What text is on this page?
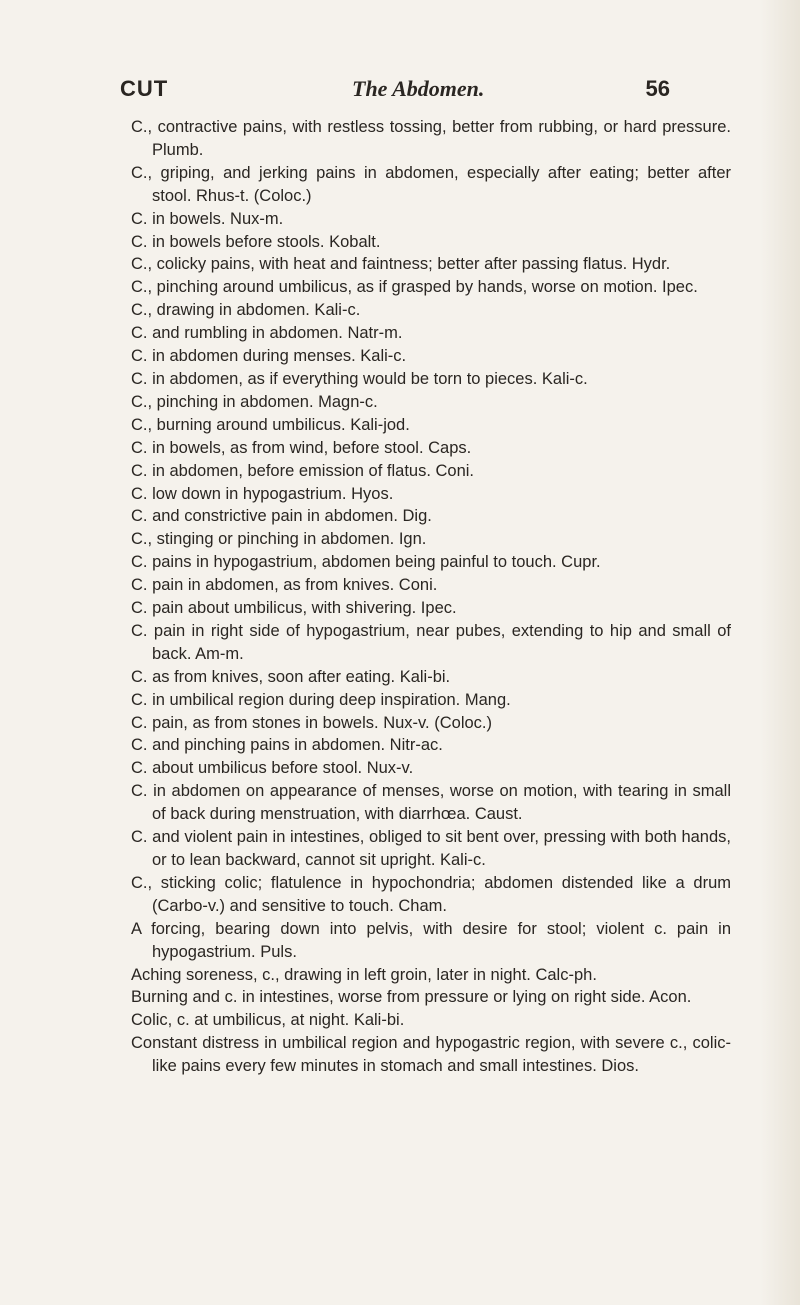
CUT	The Abdomen.	56
C., contractive pains, with restless tossing, better from rubbing, or hard pressure. Plumb.
C., griping, and jerking pains in abdomen, especially after eating; better after stool. Rhus-t. (Coloc.)
C. in bowels. Nux-m.
C. in bowels before stools. Kobalt.
C., colicky pains, with heat and faintness; better after passing flatus. Hydr.
C., pinching around umbilicus, as if grasped by hands, worse on motion. Ipec.
C., drawing in abdomen. Kali-c.
C. and rumbling in abdomen. Natr-m.
C. in abdomen during menses. Kali-c.
C. in abdomen, as if everything would be torn to pieces. Kali-c.
C., pinching in abdomen. Magn-c.
C., burning around umbilicus. Kali-jod.
C. in bowels, as from wind, before stool. Caps.
C. in abdomen, before emission of flatus. Coni.
C. low down in hypogastrium. Hyos.
C. and constrictive pain in abdomen. Dig.
C., stinging or pinching in abdomen. Ign.
C. pains in hypogastrium, abdomen being painful to touch. Cupr.
C. pain in abdomen, as from knives. Coni.
C. pain about umbilicus, with shivering. Ipec.
C. pain in right side of hypogastrium, near pubes, extending to hip and small of back. Am-m.
C. as from knives, soon after eating. Kali-bi.
C. in umbilical region during deep inspiration. Mang.
C. pain, as from stones in bowels. Nux-v. (Coloc.)
C. and pinching pains in abdomen. Nitr-ac.
C. about umbilicus before stool. Nux-v.
C. in abdomen on appearance of menses, worse on motion, with tearing in small of back during menstruation, with diarrhœa. Caust.
C. and violent pain in intestines, obliged to sit bent over, pressing with both hands, or to lean backward, cannot sit upright. Kali-c.
C., sticking colic; flatulence in hypochondria; abdomen distended like a drum (Carbo-v.) and sensitive to touch. Cham.
A forcing, bearing down into pelvis, with desire for stool; violent c. pain in hypogastrium. Puls.
Aching soreness, c., drawing in left groin, later in night. Calc-ph.
Burning and c. in intestines, worse from pressure or lying on right side. Acon.
Colic, c. at umbilicus, at night. Kali-bi.
Constant distress in umbilical region and hypogastric region, with severe c., colic-like pains every few minutes in stomach and small intestines. Dios.
